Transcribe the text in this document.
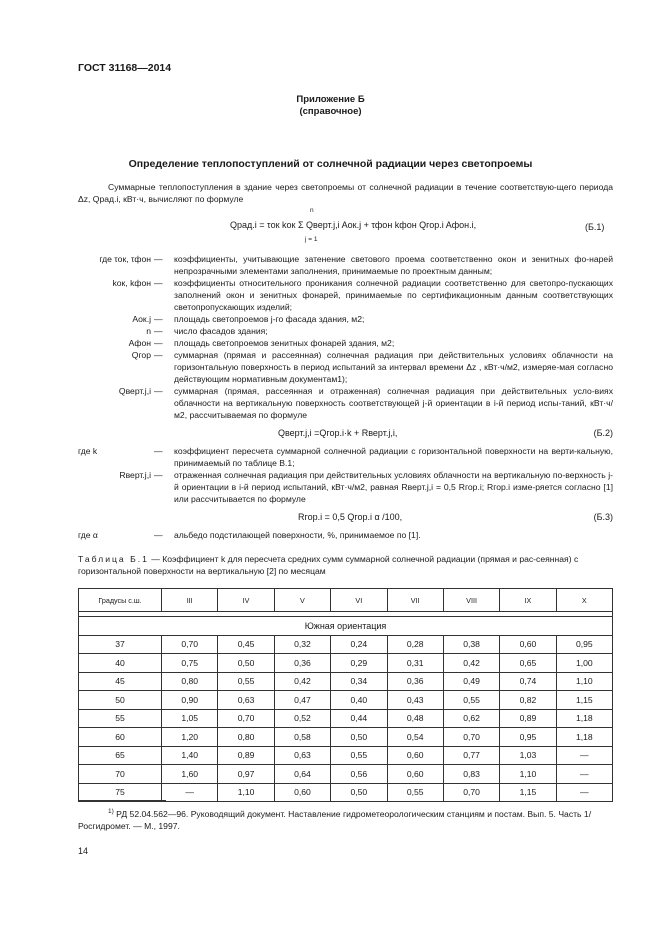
ГОСТ 31168—2014
Приложение Б
(справочное)
Определение теплопоступлений от солнечной радиации через светопроемы
Суммарные теплопоступления в здание через светопроемы от солнечной радиации в течение соответствую-щего периода Δz, Qрад.i, кВт·ч, вычисляют по формуле
Qрад.i = τок kок Σ Qверт.j,i Aок.j + τфон kфон Qгор.i Aфон.i,
n
j = 1
(Б.1)
где τок, τфон —	коэффициенты, учитывающие затенение светового проема соответственно окон и зенитных фо-нарей непрозрачными элементами заполнения, принимаемые по проектным данным;
kок, kфон —	коэффициенты относительного проникания солнечной радиации соответственно для светопро-пускающих заполнений окон и зенитных фонарей, принимаемые по сертификационным данным соответствующих светопропускающих изделий;
Aок.j —	площадь светопроемов j-го фасада здания, м2;
n —	число фасадов здания;
Aфон —	площадь светопроемов зенитных фонарей здания, м2;
Qгор —	суммарная (прямая и рассеянная) солнечная радиация при действительных условиях облачности на горизонтальную поверхность в период испытаний за интервал времени Δz , кВт·ч/м2, измеряе-мая согласно действующим нормативным документам1);
Qверт.j,i —	суммарная (прямая, рассеянная и отраженная) солнечная радиация при действительных усло-виях облачности на вертикальную поверхность соответствующей j-й ориентации в i-й период испы-таний, кВт·ч/м2, рассчитываемая по формуле
Qверт.j,i =Qгор.i·k + Rверт.j,i,	(Б.2)
где k	—	коэффициент пересчета суммарной солнечной радиации с горизонтальной поверхности на верти-кальную, принимаемый по таблице В.1;
Rверт.j,i —	отраженная солнечная радиация при действительных условиях облачности на вертикальную по-верхность j-й ориентации в i-й период испытаний, кВт·ч/м2, равная Rверт.j,i = 0,5 Rгор.i; Rгор.i изме-ряется согласно [1] или рассчитывается по формуле
Rгор.i = 0,5 Qгор.i α /100,	(Б.3)
где α	—	альбедо подстилающей поверхности, %, принимаемое по [1].
Таблица Б.1 — Коэффициент k для пересчета средних сумм суммарной солнечной радиации (прямая и рас-сеянная) с горизонтальной поверхности на вертикальную [2] по месяцам
Градусы с.ш.	III	IV	V	VI	VII	VIII	IX	X

Южная ориентация								
37	0,70	0,45	0,32	0,24	0,28	0,38	0,60	0,95
40	0,75	0,50	0,36	0,29	0,31	0,42	0,65	1,00
45	0,80	0,55	0,42	0,34	0,36	0,49	0,74	1,10
50	0,90	0,63	0,47	0,40	0,43	0,55	0,82	1,15
55	1,05	0,70	0,52	0,44	0,48	0,62	0,89	1,18
60	1,20	0,80	0,58	0,50	0,54	0,70	0,95	1,18
65	1,40	0,89	0,63	0,55	0,60	0,77	1,03	—
70	1,60	0,97	0,64	0,56	0,60	0,83	1,10	—
75	—	1,10	0,60	0,50	0,55	0,70	1,15	—
$^{1)}$ РД 52.04.562—96. Руководящий документ. Наставление гидрометеорологическим станциям и постам. Вып. 5. Часть 1/Росгидромет. — М., 1997.
14
